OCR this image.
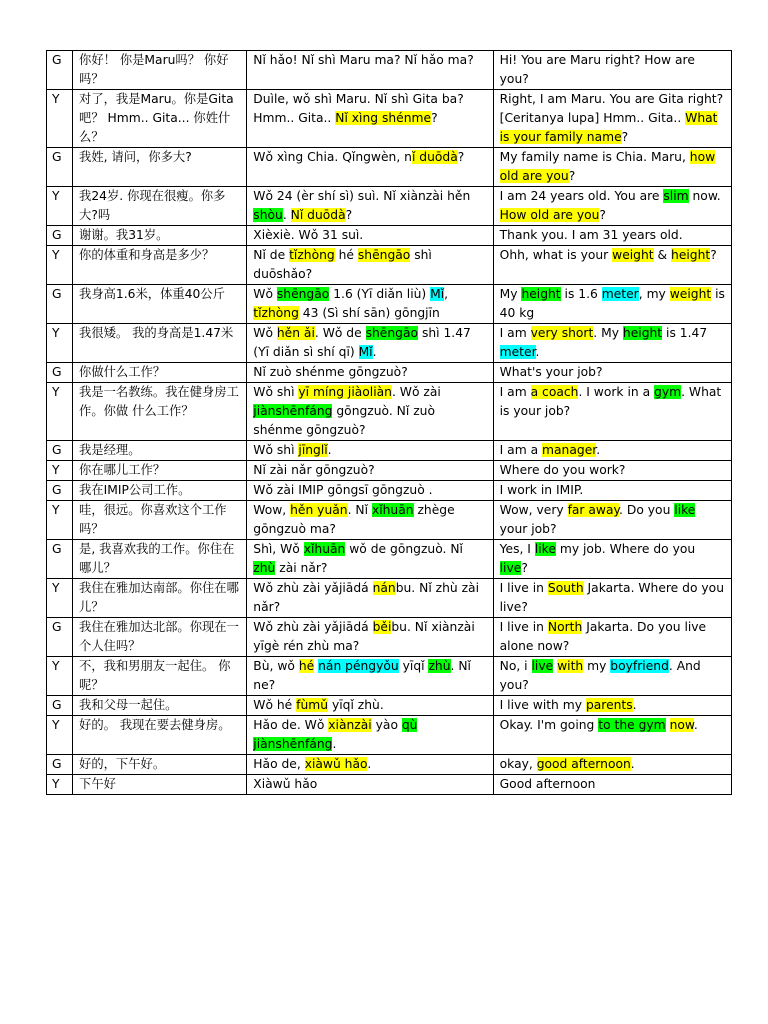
G	你好！ 你是Maru吗？ 你好吗？	Nǐ hǎo! Nǐ shì Maru ma? Nǐ hǎo ma?	Hi! You are Maru right? How are you?
Y	对了，我是Maru。你是Gita吧？ Hmm.. Gita... 你姓什么？	Duìle, wǒ shì Maru. Nǐ shì Gita ba? Hmm.. Gita.. Nǐ xìng shénme?	Right, I am Maru. You are Gita right? [Ceritanya lupa] Hmm.. Gita.. What is your family name?
G	我姓, 请问，你多大?	Wǒ xìng Chia. Qǐngwèn, nǐ duōdà?	My family name is Chia. Maru, how old are you?
Y	我24岁. 你现在很瘦。你多大?吗	Wǒ 24 (èr shí sì) suì. Nǐ xiànzài hěn shòu. Nǐ duōdà?	I am 24 years old. You are slim now. How old are you?
G	谢谢。我31岁。	Xièxiè. Wǒ 31 suì.	Thank you. I am 31 years old.
Y	你的体重和身高是多少？	Nǐ de tǐzhòng hé shēngāo shì duōshǎo?	Ohh, what is your weight & height?
G	我身高1.6米，体重40公斤	Wǒ shēngāo 1.6 (Yī diǎn liù) Mǐ, tǐzhòng 43 (Sì shí sān) gōngjīn	My height is 1.6 meter, my weight is 40 kg
Y	我很矮。 我的身高是1.47米	Wǒ hěn ǎi. Wǒ de shēngāo shì 1.47 (Yī diǎn sì shí qī) Mǐ.	I am very short. My height is 1.47 meter.
G	你做什么工作？	Nǐ zuò shénme gōngzuò?	What's your job?
Y	我是一名教练。我在健身房工作。你做 什么工作？	Wǒ shì yī míng jiàoliàn. Wǒ zài jiànshēnfáng gōngzuò. Nǐ zuò shénme gōngzuò?	I am a coach. I work in a gym. What is your job?
G	我是经理。	Wǒ shì jīnglǐ.	I am a manager.
Y	你在哪儿工作？	Nǐ zài nǎr gōngzuò?	Where do you work?
G	我在IMIP公司工作。	Wǒ zài IMIP gōngsī gōngzuò .	I work in IMIP.
Y	哇，很远。你喜欢这个工作吗？	Wow, hěn yuǎn. Nǐ xǐhuān zhège gōngzuò ma?	Wow, very far away. Do you like your job?
G	是, 我喜欢我的工作。你住在哪儿？	Shì, Wǒ xǐhuān wǒ de gōngzuò. Nǐ zhù zài nǎr?	Yes, I like my job. Where do you live?
Y	我住在雅加达南部。你住在哪儿？	Wǒ zhù zài yǎjiādá nánbu. Nǐ zhù zài nǎr?	I live in South Jakarta. Where do you live?
G	我住在雅加达北部。你现在一个人住吗？	Wǒ zhù zài yǎjiādá běibu. Nǐ xiànzài yīgè rén zhù ma?	I live in North Jakarta. Do you live alone now?
Y	不，我和男朋友一起住。 你呢？	Bù, wǒ hé nán péngyǒu yīqǐ zhù. Nǐ ne?	No, i live with my boyfriend. And you?
G	我和父母一起住。	Wǒ hé fùmǔ yīqǐ zhù.	I live with my parents.
Y	好的。 我现在要去健身房。	Hǎo de. Wǒ xiànzài yào qù jiànshēnfáng.	Okay. I'm going to the gym now.
G	好的，下午好。	Hǎo de, xiàwǔ hǎo.	okay, good afternoon.
Y	下午好	Xiàwǔ hǎo	Good afternoon
